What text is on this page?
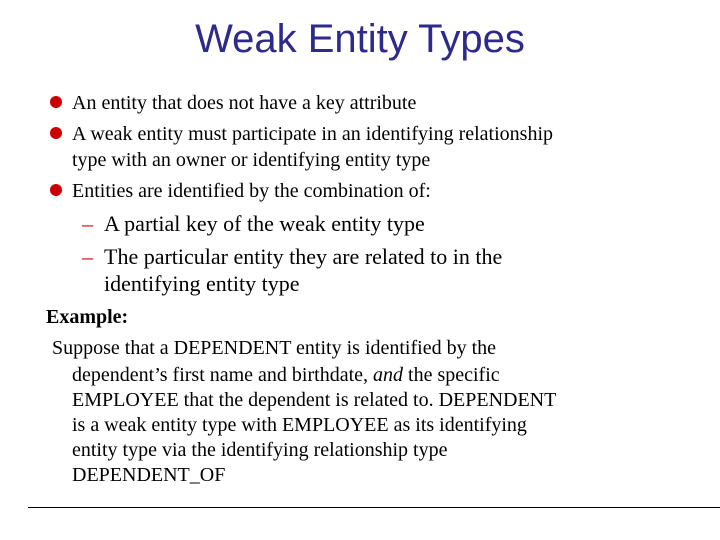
Weak Entity Types
An entity that does not have a key attribute
A weak entity must participate in an identifying relationship
type with an owner or identifying entity type
Entities are identified by the combination of:
– A partial key of the weak entity type
– The particular entity they are related to in the
identifying entity type
Example:
Suppose that a DEPENDENT entity is identified by the
dependent’s first name and birthdate, and the specific
EMPLOYEE that the dependent is related to. DEPENDENT
is a weak entity type with EMPLOYEE as its identifying
entity type via the identifying relationship type
DEPENDENT_OF
